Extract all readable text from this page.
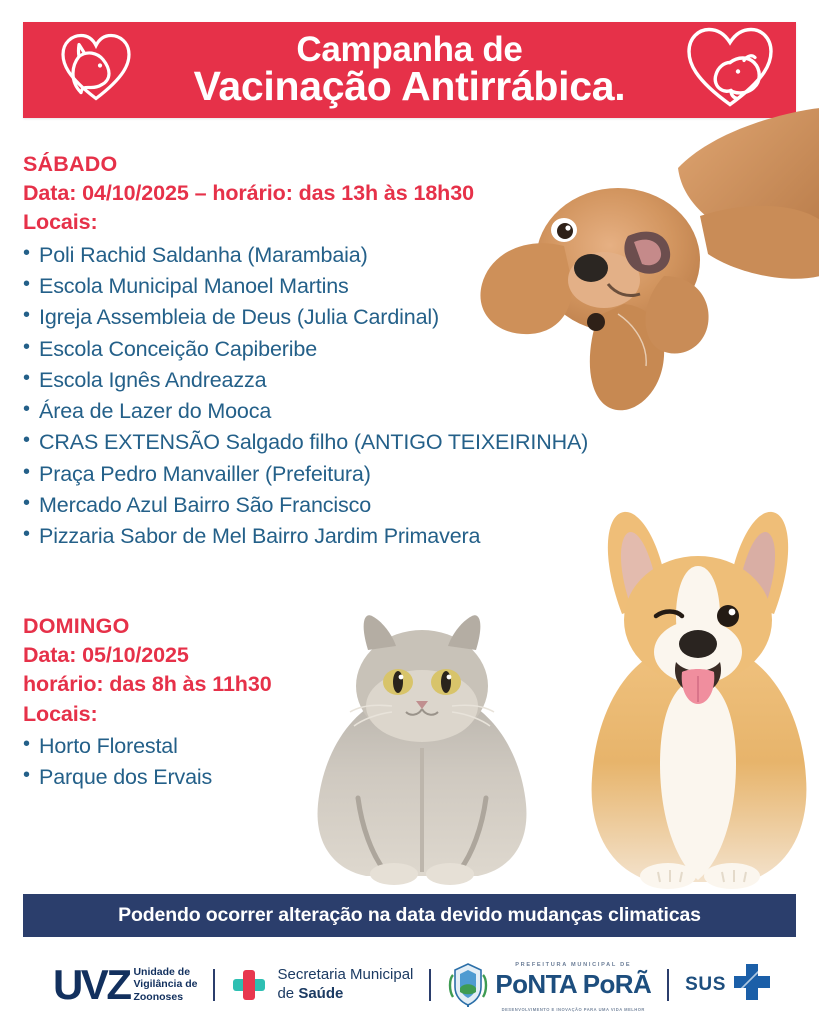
Campanha de
Vacinação Antirrábica.
SÁBADO
Data: 04/10/2025 – horário: das 13h às 18h30
Locais:
• Poli Rachid Saldanha (Marambaia)
• Escola Municipal Manoel Martins
• Igreja Assembleia de Deus (Julia Cardinal)
• Escola Conceição Capiberibe
• Escola Ignês Andreazza
• Área de Lazer do Mooca
• CRAS EXTENSÃO Salgado filho (ANTIGO TEIXEIRINHA)
• Praça Pedro Manvailler (Prefeitura)
• Mercado Azul Bairro São Francisco
• Pizzaria Sabor de Mel Bairro Jardim Primavera
DOMINGO
Data: 05/10/2025
horário: das 8h às 11h30
Locais:
• Horto Florestal
• Parque dos Ervais
Podendo ocorrer alteração na data devido mudanças climaticas
UVZ Unidade de
Vigilância de
Zoonoses
Secretaria Municipal
de Saúde
PREFEITURA MUNICIPAL DE
PoNTA PoRÃ
DESENVOLVIMENTO E INOVAÇÃO PARA UMA VIDA MELHOR
SUS
